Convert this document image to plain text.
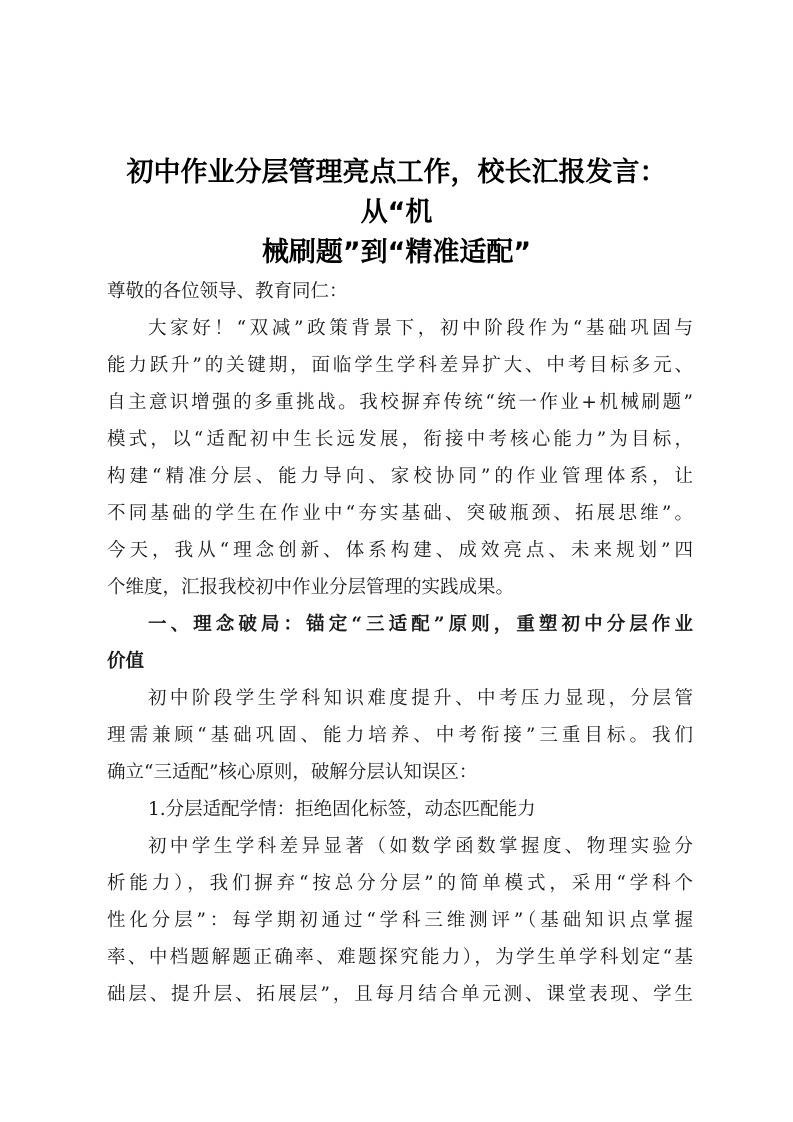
初中作业分层管理亮点工作，校长汇报发言：从“机
械刷题”到“精准适配”
尊敬的各位领导、教育同仁：
大家好！“双减”政策背景下，初中阶段作为“基础巩固与
能力跃升”的关键期，面临学生学科差异扩大、中考目标多元、
自主意识增强的多重挑战。我校摒弃传统“统一作业+机械刷题”
模式，以“适配初中生长远发展，衔接中考核心能力”为目标，
构建“精准分层、能力导向、家校协同”的作业管理体系，让
不同基础的学生在作业中“夯实基础、突破瓶颈、拓展思维”。
今天，我从“理念创新、体系构建、成效亮点、未来规划”四
个维度，汇报我校初中作业分层管理的实践成果。
一、理念破局：锚定“三适配”原则，重塑初中分层作业
价值
初中阶段学生学科知识难度提升、中考压力显现，分层管
理需兼顾“基础巩固、能力培养、中考衔接”三重目标。我们
确立“三适配”核心原则，破解分层认知误区：
1.分层适配学情：拒绝固化标签，动态匹配能力
初中学生学科差异显著（如数学函数掌握度、物理实验分
析能力），我们摒弃“按总分分层”的简单模式，采用“学科个
性化分层”：每学期初通过“学科三维测评”（基础知识点掌握
率、中档题解题正确率、难题探究能力），为学生单学科划定“基
础层、提升层、拓展层”，且每月结合单元测、课堂表现、学生
